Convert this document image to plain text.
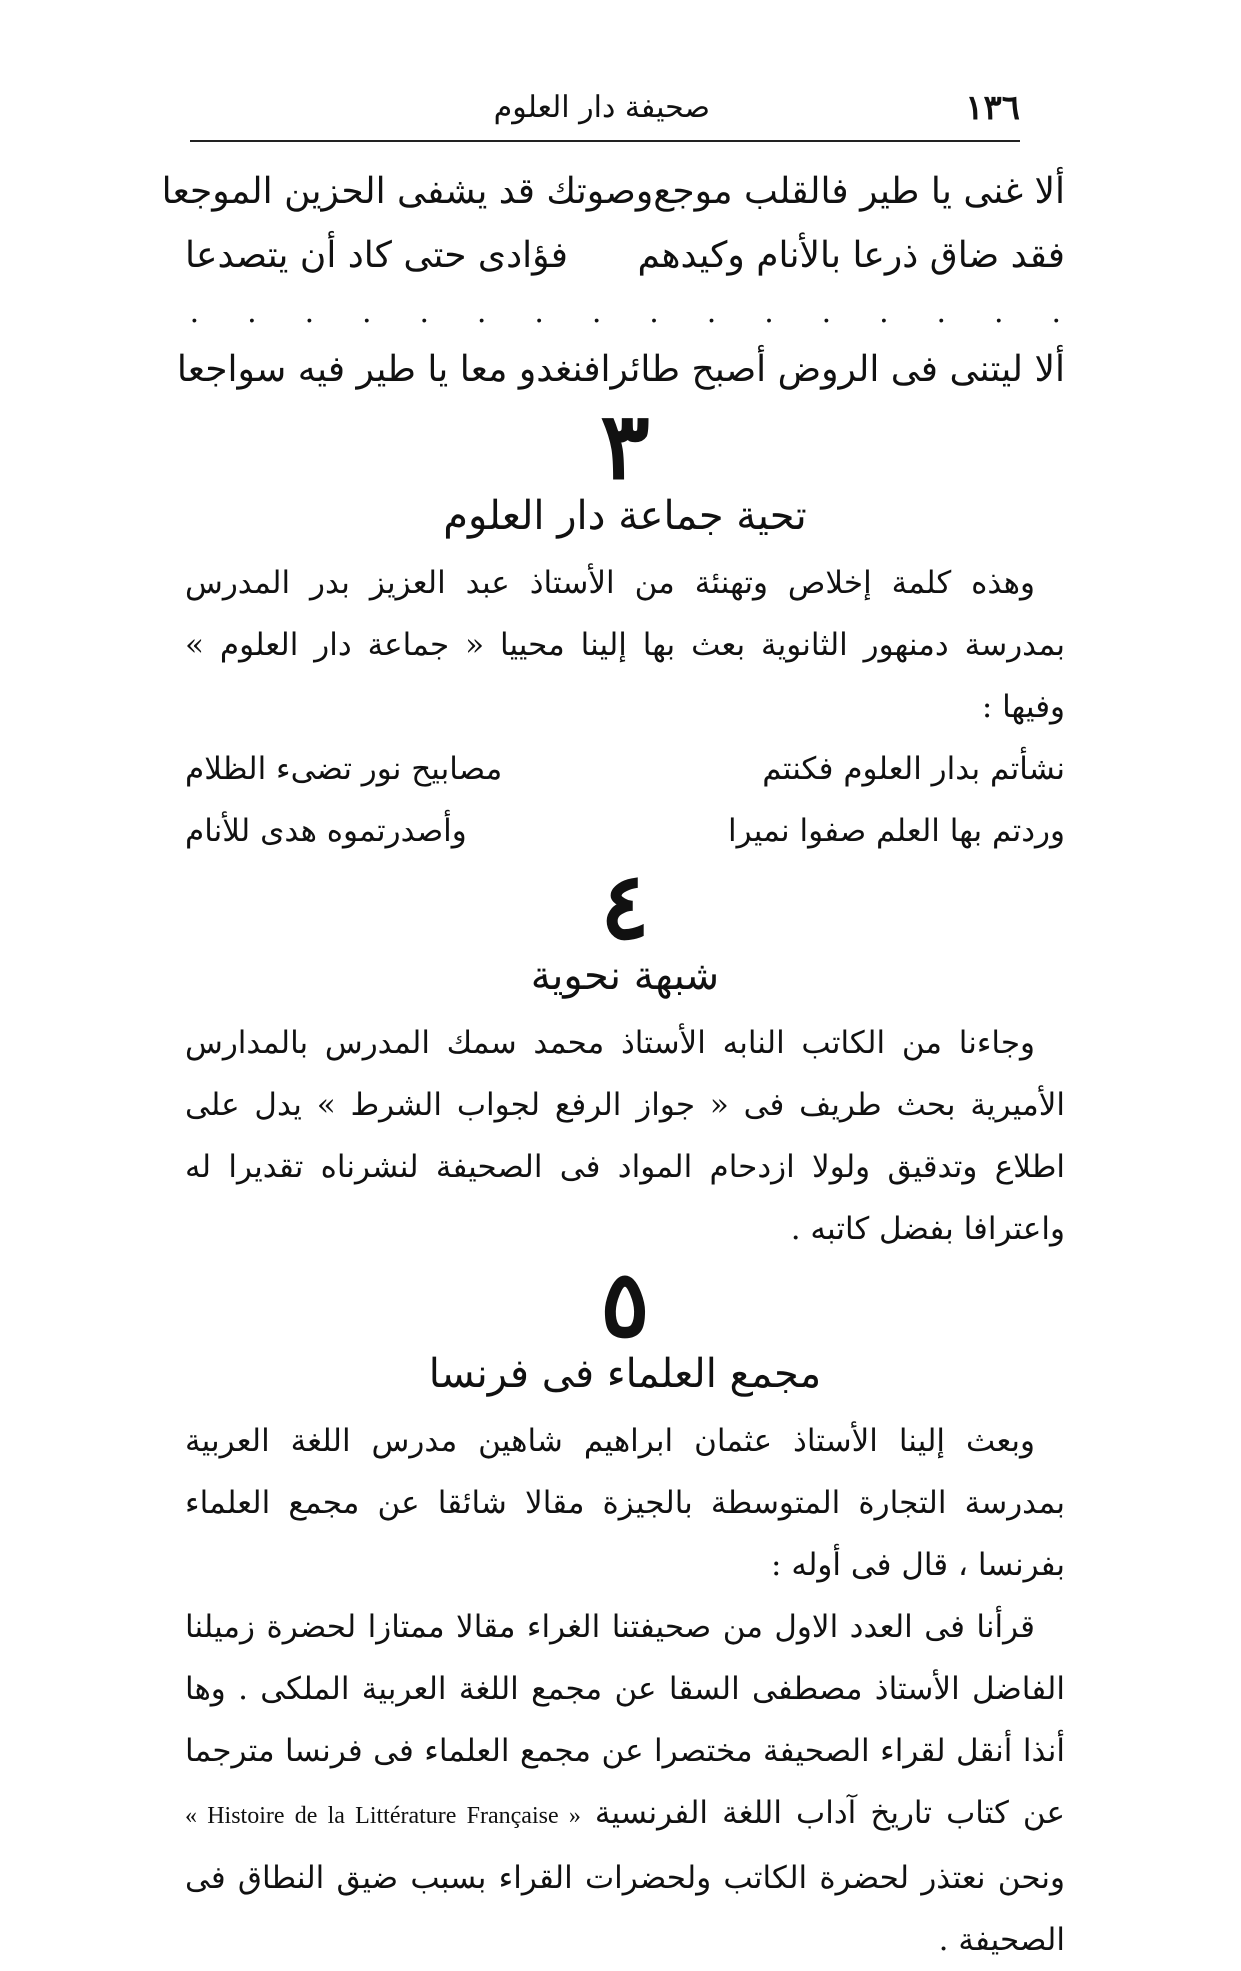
١٣٦
صحيفة دار العلوم
ألا غنى يا طير فالقلب موجع
وصوتك قد يشفى الحزين الموجعا
فقد ضاق ذرعا بالأنام وكيدهم
فؤادى حتى كاد أن يتصدعا
.
.
.
.
.
.
.
.
.
.
.
.
.
.
.
.
ألا ليتنى فى الروض أصبح طائرا
فنغدو معا يا طير فيه سواجعا
٣
تحية جماعة دار العلوم
وهذه كلمة إخلاص وتهنئة من الأستاذ عبد العزيز بدر المدرس بمدرسة دمنهور الثانوية بعث بها إلينا محييا « جماعة دار العلوم » وفيها :
نشأتم بدار العلوم فكنتم
مصابيح نور تضىء الظلام
وردتم بها العلم صفوا نميرا
وأصدرتموه هدى للأنام
٤
شبهة نحوية
وجاءنا من الكاتب النابه الأستاذ محمد سمك المدرس بالمدارس الأميرية بحث طريف فى « جواز الرفع لجواب الشرط » يدل على اطلاع وتدقيق ولولا ازدحام المواد فى الصحيفة لنشرناه تقديرا له واعترافا بفضل كاتبه .
٥
مجمع العلماء فى فرنسا
وبعث إلينا الأستاذ عثمان ابراهيم شاهين مدرس اللغة العربية بمدرسة التجارة المتوسطة بالجيزة مقالا شائقا عن مجمع العلماء بفرنسا ، قال فى أوله :
قرأنا فى العدد الاول من صحيفتنا الغراء مقالا ممتازا لحضرة زميلنا الفاضل الأستاذ مصطفى السقا عن مجمع اللغة العربية الملكى . وها أنذا أنقل لقراء الصحيفة مختصرا عن مجمع العلماء فى فرنسا مترجما عن كتاب تاريخ آداب اللغة الفرنسية « Histoire de la Littérature Française » ونحن نعتذر لحضرة الكاتب ولحضرات القراء بسبب ضيق النطاق فى الصحيفة .
